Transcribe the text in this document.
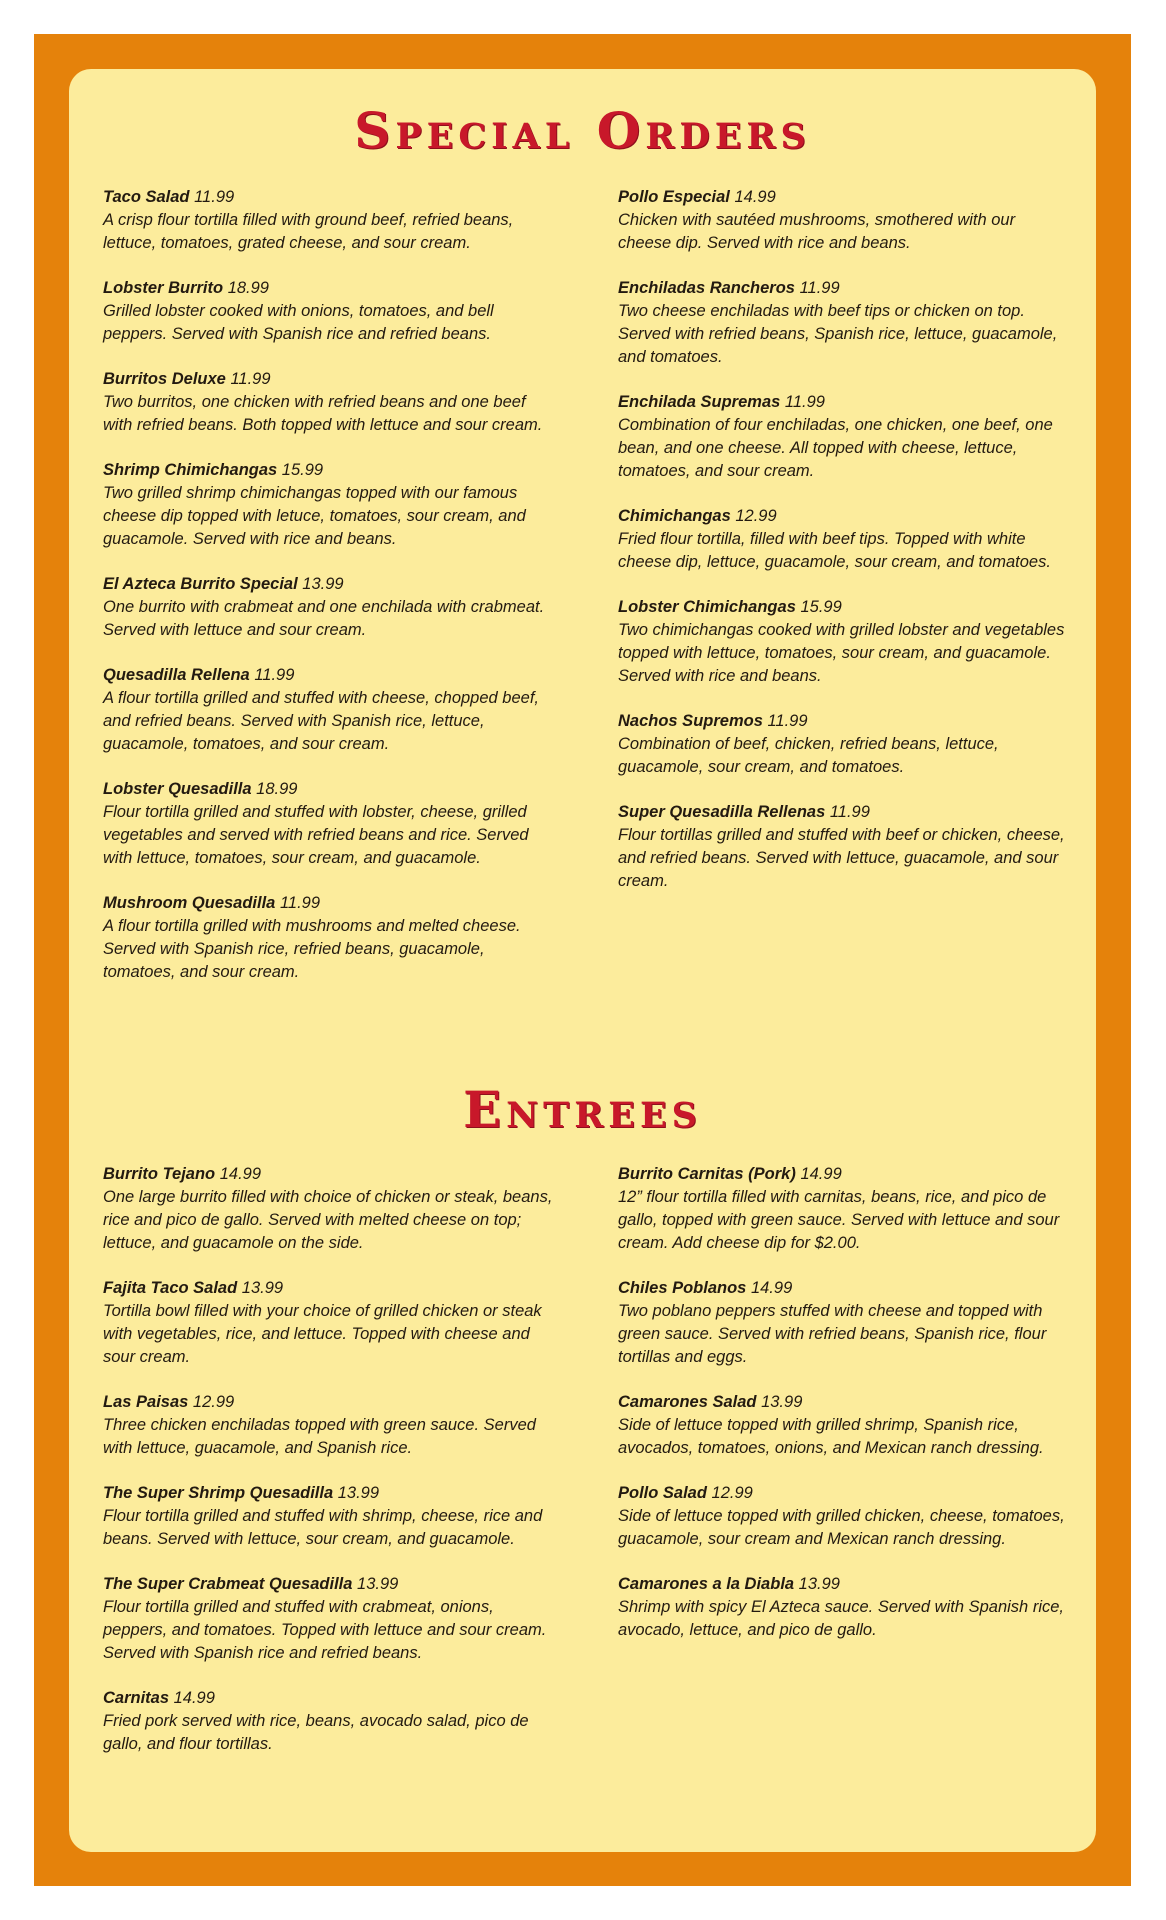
Special Orders
Taco Salad 11.99

A crisp flour tortilla filled with ground beef, refried beans, lettuce, tomatoes, grated cheese, and sour cream.

Lobster Burrito 18.99

Grilled lobster cooked with onions, tomatoes, and bell peppers. Served with Spanish rice and refried beans.

Burritos Deluxe 11.99

Two burritos, one chicken with refried beans and one beef with refried beans. Both topped with lettuce and sour cream.

Shrimp Chimichangas 15.99

Two grilled shrimp chimichangas topped with our famous cheese dip topped with letuce, tomatoes, sour cream, and guacamole. Served with rice and beans.

El Azteca Burrito Special 13.99

One burrito with crabmeat and one enchilada with crabmeat. Served with lettuce and sour cream.

Quesadilla Rellena 11.99

A flour tortilla grilled and stuffed with cheese, chopped beef, and refried beans. Served with Spanish rice, lettuce, guacamole, tomatoes, and sour cream.

Lobster Quesadilla 18.99

Flour tortilla grilled and stuffed with lobster, cheese, grilled vegetables and served with refried beans and rice. Served with lettuce, tomatoes, sour cream, and guacamole.

Mushroom Quesadilla 11.99

A flour tortilla grilled with mushrooms and melted cheese. Served with Spanish rice, refried beans, guacamole, tomatoes, and sour cream.

Pollo Especial 14.99

Chicken with sautéed mushrooms, smothered with our cheese dip. Served with rice and beans.

Enchiladas Rancheros 11.99

Two cheese enchiladas with beef tips or chicken on top. Served with refried beans, Spanish rice, lettuce, guacamole, and tomatoes.

Enchilada Supremas 11.99

Combination of four enchiladas, one chicken, one beef, one bean, and one cheese. All topped with cheese, lettuce, tomatoes, and sour cream.

Chimichangas 12.99

Fried flour tortilla, filled with beef tips. Topped with white cheese dip, lettuce, guacamole, sour cream, and tomatoes.

Lobster Chimichangas 15.99

Two chimichangas cooked with grilled lobster and vegetables topped with lettuce, tomatoes, sour cream, and guacamole. Served with rice and beans.

Nachos Supremos 11.99

Combination of beef, chicken, refried beans, lettuce, guacamole, sour cream, and tomatoes.

Super Quesadilla Rellenas 11.99

Flour tortillas grilled and stuffed with beef or chicken, cheese, and refried beans. Served with lettuce, guacamole, and sour cream.

Entrees
Burrito Tejano 14.99

One large burrito filled with choice of chicken or steak, beans, rice and pico de gallo. Served with melted cheese on top; lettuce, and guacamole on the side.

Fajita Taco Salad 13.99

Tortilla bowl filled with your choice of grilled chicken or steak with vegetables, rice, and lettuce. Topped with cheese and sour cream.

Las Paisas 12.99

Three chicken enchiladas topped with green sauce. Served with lettuce, guacamole, and Spanish rice.

The Super Shrimp Quesadilla 13.99

Flour tortilla grilled and stuffed with shrimp, cheese, rice and beans. Served with lettuce, sour cream, and guacamole.

The Super Crabmeat Quesadilla 13.99

Flour tortilla grilled and stuffed with crabmeat, onions, peppers, and tomatoes. Topped with lettuce and sour cream. Served with Spanish rice and refried beans.

Carnitas 14.99

Fried pork served with rice, beans, avocado salad, pico de gallo, and flour tortillas.

Burrito Carnitas (Pork) 14.99

12” flour tortilla filled with carnitas, beans, rice, and pico de gallo, topped with green sauce. Served with lettuce and sour cream. Add cheese dip for $2.00.

Chiles Poblanos 14.99

Two poblano peppers stuffed with cheese and topped with green sauce. Served with refried beans, Spanish rice, flour tortillas and eggs.

Camarones Salad 13.99

Side of lettuce topped with grilled shrimp, Spanish rice, avocados, tomatoes, onions, and Mexican ranch dressing.

Pollo Salad 12.99

Side of lettuce topped with grilled chicken, cheese, tomatoes, guacamole, sour cream and Mexican ranch dressing.

Camarones a la Diabla 13.99

Shrimp with spicy El Azteca sauce. Served with Spanish rice, avocado, lettuce, and pico de gallo.
